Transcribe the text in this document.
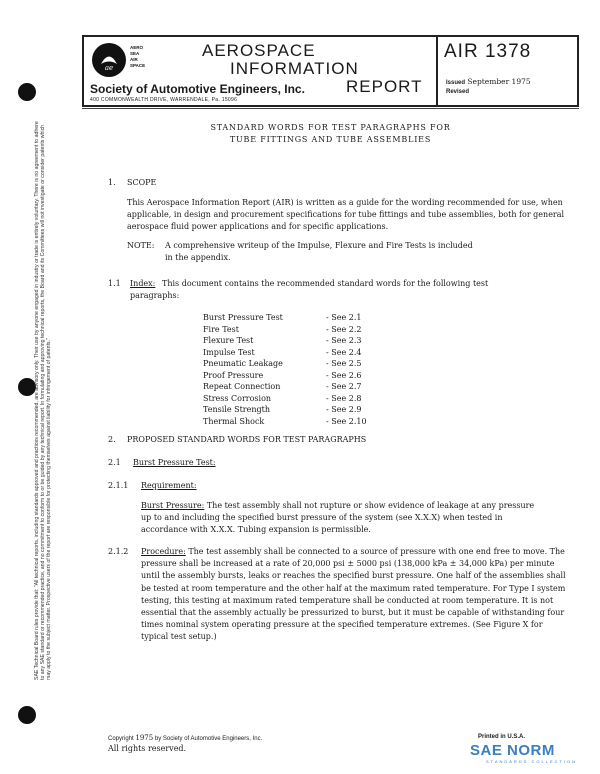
SAE Technical Board rules provide that: "All technical reports, including standards approved and practices recommended, are advisory only. Their use by anyone engaged in industry or trade is entirely voluntary. There is no agreement to adhere to any SAE standard or recommended practice, and no commitment to conform to or be guided by any technical report. In formulating and approving technical reports, the Board and its Committees will not investigate or consider patents which may apply to the subject matter. Prospective users of the report are responsible for protecting themselves against liability for infringement of patents."
ae
AERO
SEA
AIR
SPACE
AEROSPACE
INFORMATION
REPORT
Society of Automotive Engineers, Inc.
400 COMMONWEALTH DRIVE, WARRENDALE, Pa. 15096
AIR 1378
Issued September 1975
Revised
STANDARD WORDS FOR TEST PARAGRAPHS FOR
TUBE FITTINGS AND TUBE ASSEMBLIES
1. SCOPE
This Aerospace Information Report (AIR) is written as a guide for the wording recommended for use, when applicable, in design and procurement specifications for tube fittings and tube assemblies, both for general aerospace fluid power applications and for specific applications.
NOTE: A comprehensive writeup of the Impulse, Flexure and Fire Tests is included
in the appendix.
1.1 Index: This document contains the recommended standard words for the following test
paragraphs:
Burst Pressure Test	- See 2.1
Fire Test	- See 2.2
Flexure Test	- See 2.3
Impulse Test	- See 2.4
Pneumatic Leakage	- See 2.5
Proof Pressure	- See 2.6
Repeat Connection	- See 2.7
Stress Corrosion	- See 2.8
Tensile Strength	- See 2.9
Thermal Shock	- See 2.10
2. PROPOSED STANDARD WORDS FOR TEST PARAGRAPHS
2.1 Burst Pressure Test:
2.1.1 Requirement:
Burst Pressure: The test assembly shall not rupture or show evidence of leakage at any pressure up to and including the specified burst pressure of the system (see X.X.X) when tested in accordance with X.X.X. Tubing expansion is permissible.
2.1.2 Procedure: The test assembly shall be connected to a source of pressure with one end free to move. The pressure shall be increased at a rate of 20,000 psi ± 5000 psi (138,000 kPa ± 34,000 kPa) per minute until the assembly bursts, leaks or reaches the specified burst pressure. One half of the assemblies shall be tested at room temperature and the other half at the maximum rated temperature. For Type I system testing, this testing at maximum rated temperature shall be conducted at room temperature. It is not essential that the assembly actually be pressurized to burst, but it must be capable of withstanding four times nominal system operating pressure at the specified temperature extremes. (See Figure X for typical test setup.)
Copyright 1975 by Society of Automotive Engineers, Inc.
All rights reserved.
Printed in U.S.A.
SAE NORM
STANDARDS COLLECTION
